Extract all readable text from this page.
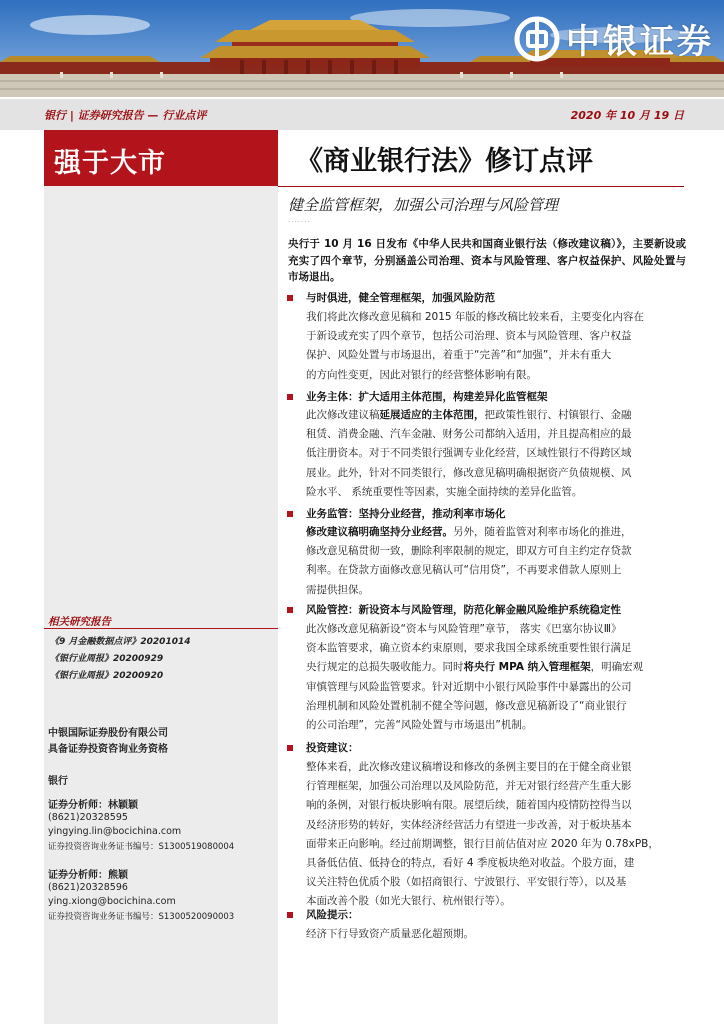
中银证券
银行 | 证券研究报告 — 行业点评	2020 年 10 月 19 日
强于大市	《商业银行法》修订点评
健全监管框架，加强公司治理与风险管理
·······
央行于 10 月 16 日发布《中华人民共和国商业银行法（修改建议稿）》，主要新设或充实了四个章节，分别涵盖公司治理、资本与风险管理、客户权益保护、风险处置与市场退出。
与时俱进，健全管理框架，加强风险防范
我们将此次修改意见稿和 2015 年版的修改稿比较来看，主要变化内容在
于新设或充实了四个章节，包括公司治理、资本与风险管理、客户权益
保护、风险处置与市场退出，着重于“完善”和“加强”，并未有重大
的方向性变更，因此对银行的经营整体影响有限。
业务主体：扩大适用主体范围，构建差异化监管框架
此次修改建议稿延展适应的主体范围，把政策性银行、村镇银行、金融
租赁、消费金融、汽车金融、财务公司都纳入适用，并且提高相应的最
低注册资本。对于不同类银行强调专业化经营，区域性银行不得跨区域
展业。此外，针对不同类银行，修改意见稿明确根据资产负债规模、风
险水平、 系统重要性等因素，实施全面持续的差异化监管。
业务监管：坚持分业经营，推动利率市场化
修改建议稿明确坚持分业经营。另外，随着监管对利率市场化的推进，
修改意见稿贯彻一致，删除利率限制的规定，即双方可自主约定存贷款
利率。在贷款方面修改意见稿认可“信用贷”，不再要求借款人原则上
需提供担保。
风险管控：新设资本与风险管理，防范化解金融风险维护系统稳定性
此次修改意见稿新设“资本与风险管理”章节， 落实《巴塞尔协议Ⅲ》
资本监管要求，确立资本约束原则，要求我国全球系统重要性银行满足
央行规定的总损失吸收能力。同时将央行 MPA 纳入管理框架，明确宏观
审慎管理与风险监管要求。针对近期中小银行风险事件中暴露出的公司
治理机制和风险处置机制不健全等问题，修改意见稿新设了“商业银行
的公司治理”，完善“风险处置与市场退出”机制。
投资建议：
整体来看，此次修改建议稿增设和修改的条例主要目的在于健全商业银
行管理框架，加强公司治理以及风险防范，并无对银行经营产生重大影
响的条例，对银行板块影响有限。展望后续，随着国内疫情防控得当以
及经济形势的转好，实体经济经营活力有望进一步改善，对于板块基本
面带来正向影响。经过前期调整，银行目前估值对应 2020 年为 0.78xPB，
具备低估值、低持仓的特点，看好 4 季度板块绝对收益。个股方面，建
议关注特色优质个股（如招商银行、宁波银行、平安银行等），以及基
本面改善个股（如光大银行、杭州银行等）。
风险提示：
经济下行导致资产质量恶化超预期。
相关研究报告
《9 月金融数据点评》20201014
《银行业周报》20200929
《银行业周报》20200920
中银国际证券股份有限公司
具备证券投资咨询业务资格
银行
证券分析师：林颖颖
(8621)20328595
yingying.lin@bocichina.com
证券投资咨询业务证书编号：S1300519080004
证券分析师：熊颖
(8621)20328596
ying.xiong@bocichina.com
证券投资咨询业务证书编号：S1300520090003
